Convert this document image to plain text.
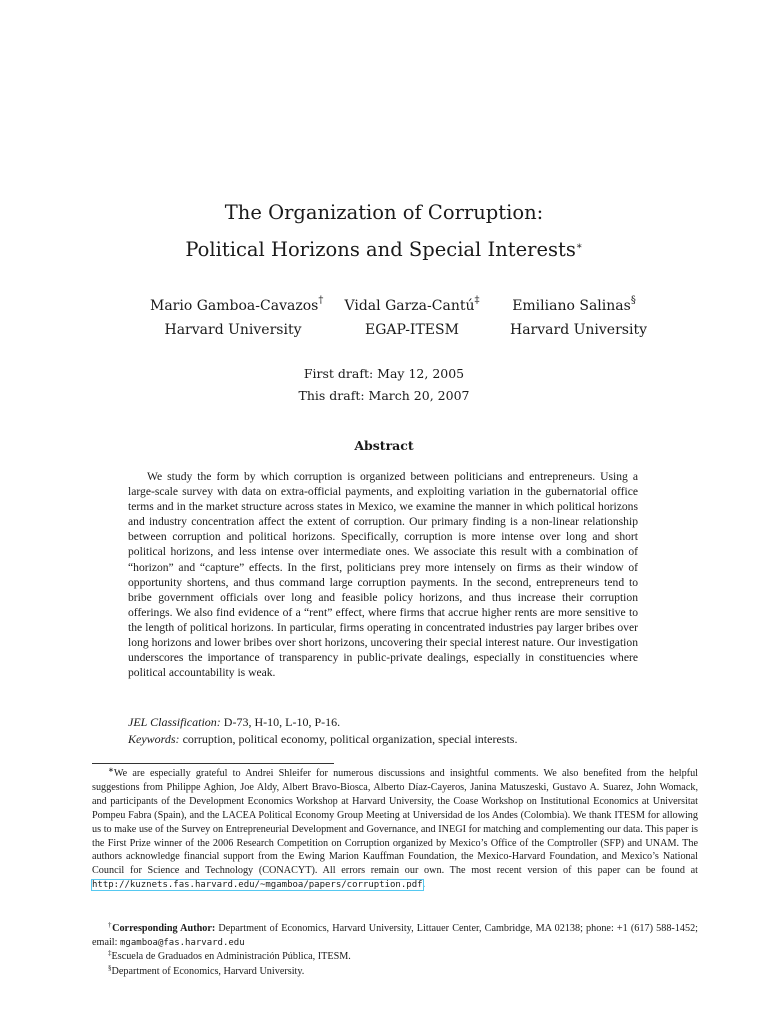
The Organization of Corruption:
Political Horizons and Special Interests∗
Mario Gamboa-Cavazos†
Harvard University
Vidal Garza-Cantú‡
EGAP-ITESM
Emiliano Salinas§
Harvard University
First draft: May 12, 2005
This draft: March 20, 2007
Abstract

We study the form by which corruption is organized between politicians and entrepreneurs. Using a large-scale survey with data on extra-official payments, and exploiting variation in the gubernatorial office terms and in the market structure across states in Mexico, we examine the manner in which political horizons and industry concentration affect the extent of corruption. Our primary finding is a non-linear relationship between corruption and political horizons. Specifically, corruption is more intense over long and short political horizons, and less intense over intermediate ones. We associate this result with a combination of “horizon” and “capture” effects. In the first, politicians prey more intensely on firms as their window of opportunity shortens, and thus command large corruption payments. In the second, entrepreneurs tend to bribe government officials over long and feasible policy horizons, and thus increase their corruption offerings. We also find evidence of a “rent” effect, where firms that accrue higher rents are more sensitive to the length of political horizons. In particular, firms operating in concentrated industries pay larger bribes over long horizons and lower bribes over short horizons, uncovering their special interest nature. Our investigation underscores the importance of transparency in public-private dealings, especially in constituencies where political accountability is weak.

JEL Classification: D-73, H-10, L-10, P-16.
Keywords: corruption, political economy, political organization, special interests.

∗We are especially grateful to Andrei Shleifer for numerous discussions and insightful comments. We also benefited from the helpful suggestions from Philippe Aghion, Joe Aldy, Albert Bravo-Biosca, Alberto Díaz-Cayeros, Janina Matuszeski, Gustavo A. Suarez, John Womack, and participants of the Development Economics Workshop at Harvard University, the Coase Workshop on Institutional Economics at Universitat Pompeu Fabra (Spain), and the LACEA Political Economy Group Meeting at Universidad de los Andes (Colombia). We thank ITESM for allowing us to make use of the Survey on Entrepreneurial Development and Governance, and INEGI for matching and complementing our data. This paper is the First Prize winner of the 2006 Research Competition on Corruption organized by Mexico’s Office of the Comptroller (SFP) and UNAM. The authors acknowledge financial support from the Ewing Marion Kauffman Foundation, the Mexico-Harvard Foundation, and Mexico’s National Council for Science and Technology (CONACYT). All errors remain our own. The most recent version of this paper can be found at http://kuznets.fas.harvard.edu/~mgamboa/papers/corruption.pdf.

†Corresponding Author: Department of Economics, Harvard University, Littauer Center, Cambridge, MA 02138; phone: +1 (617) 588-1452; email: mgamboa@fas.harvard.edu

‡Escuela de Graduados en Administración Pública, ITESM.

§Department of Economics, Harvard University.
